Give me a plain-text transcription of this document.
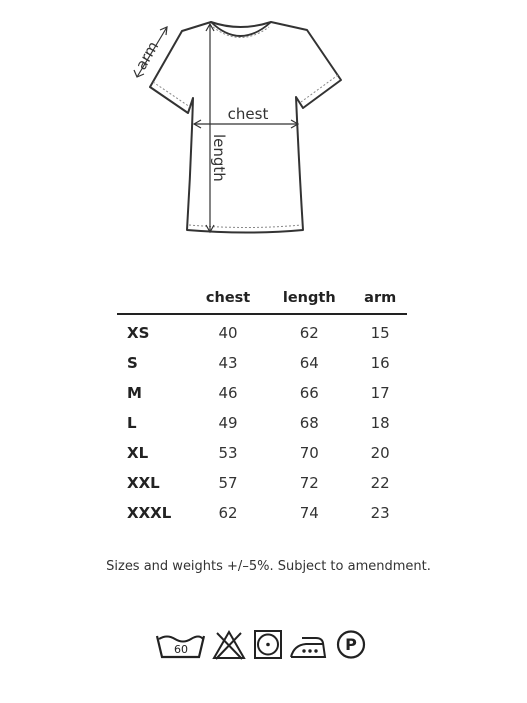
arm
length
chest
	chest	length	arm
XS	40	62	15
S	43	64	16
M	46	66	17
L	49	68	18
XL	53	70	20
XXL	57	72	22
XXXL	62	74	23
Sizes and weights +/–5%. Subject to amendment.
60	P
